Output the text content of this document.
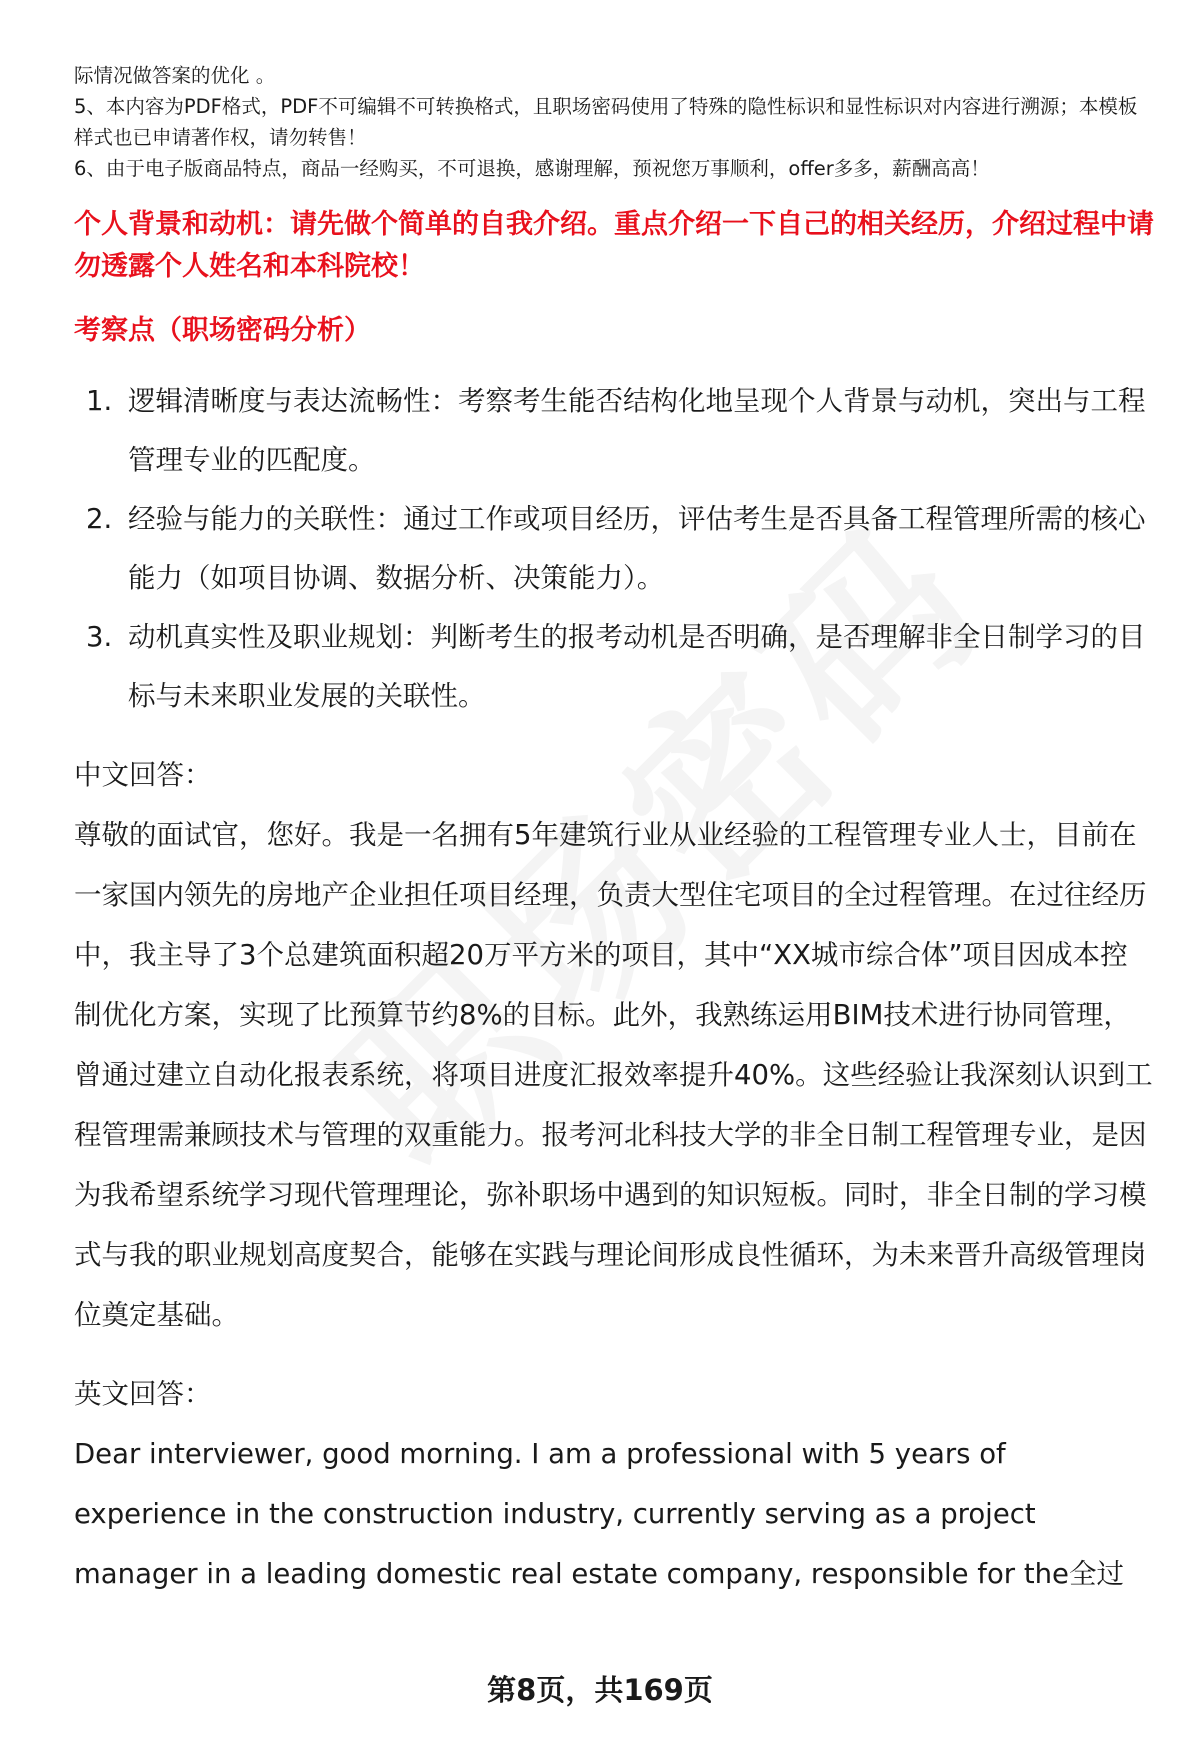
际情况做答案的优化 。

5、本内容为PDF格式，PDF不可编辑不可转换格式，且职场密码使用了特殊的隐性标识和显性标识对内容进行溯源；本模板样式也已申请著作权，请勿转售！

6、由于电子版商品特点，商品一经购买，不可退换，感谢理解，预祝您万事顺利，offer多多，薪酬高高！

个人背景和动机：请先做个简单的自我介绍。重点介绍一下自己的相关经历，介绍过程中请勿透露个人姓名和本科院校！
考察点（职场密码分析）
1. 逻辑清晰度与表达流畅性：考察考生能否结构化地呈现个人背景与动机，突出与工程管理专业的匹配度。
2. 经验与能力的关联性：通过工作或项目经历，评估考生是否具备工程管理所需的核心能力（如项目协调、数据分析、决策能力）。
3. 动机真实性及职业规划：判断考生的报考动机是否明确，是否理解非全日制学习的目标与未来职业发展的关联性。
中文回答：

尊敬的面试官，您好。我是一名拥有5年建筑行业从业经验的工程管理专业人士，目前在一家国内领先的房地产企业担任项目经理，负责大型住宅项目的全过程管理。在过往经历中，我主导了3个总建筑面积超20万平方米的项目，其中“XX城市综合体”项目因成本控制优化方案，实现了比预算节约8%的目标。此外，我熟练运用BIM技术进行协同管理，曾通过建立自动化报表系统，将项目进度汇报效率提升40%。这些经验让我深刻认识到工程管理需兼顾技术与管理的双重能力。报考河北科技大学的非全日制工程管理专业，是因为我希望系统学习现代管理理论，弥补职场中遇到的知识短板。同时，非全日制的学习模式与我的职业规划高度契合，能够在实践与理论间形成良性循环，为未来晋升高级管理岗位奠定基础。

英文回答：

Dear interviewer, good morning. I am a professional with 5 years of experience in the construction industry, currently serving as a project manager in a leading domestic real estate company, responsible for the全过

第8页，共169页
